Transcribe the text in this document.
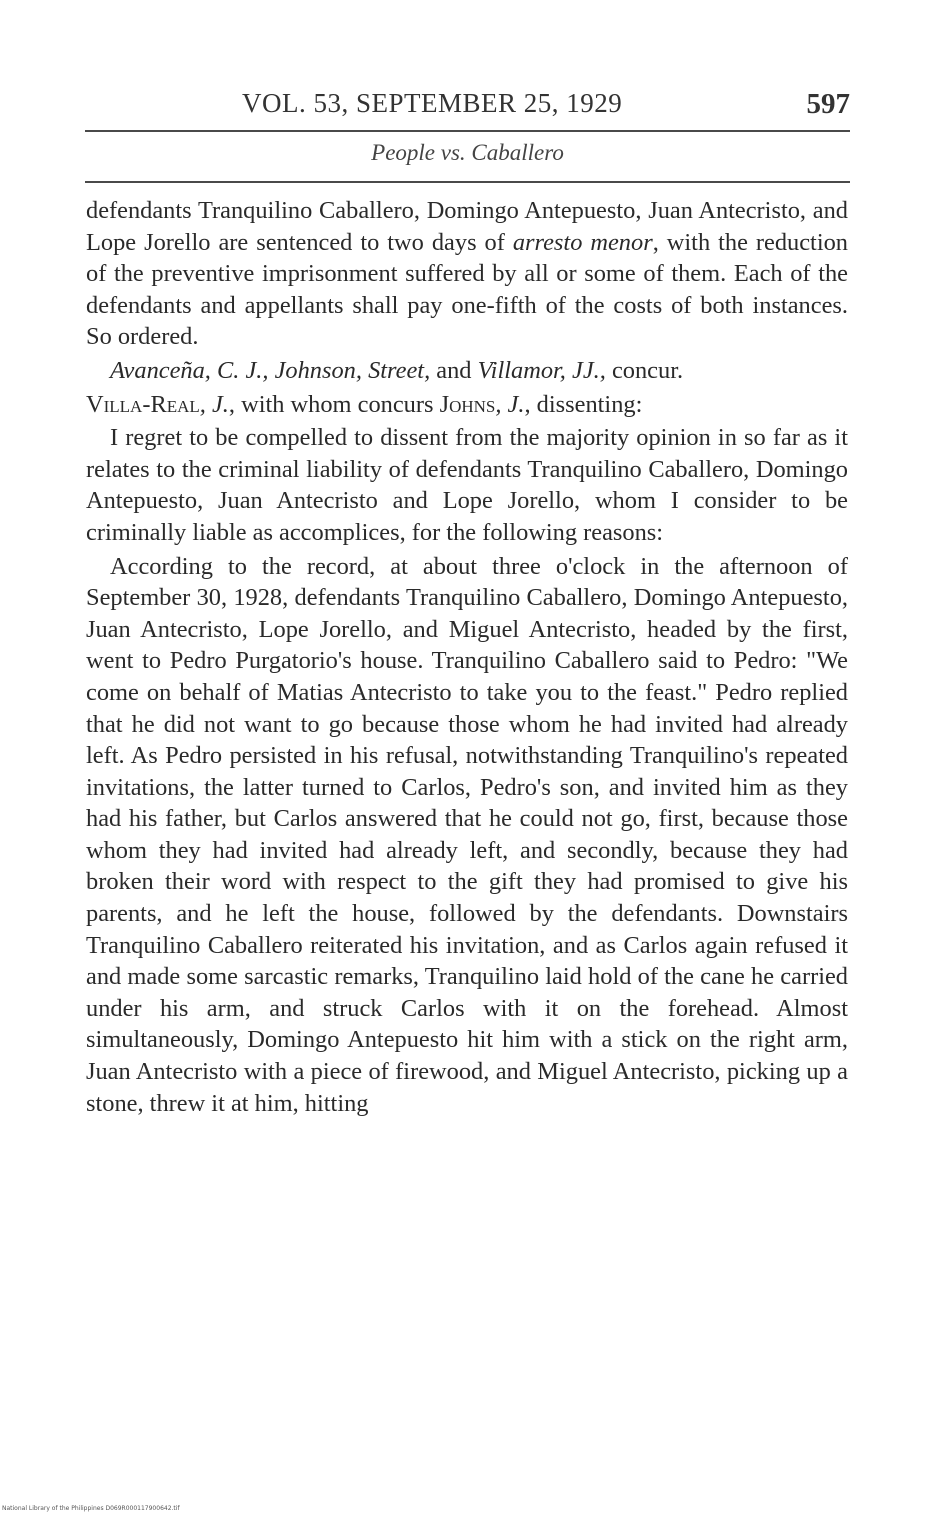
VOL. 53, SEPTEMBER 25, 1929	597
People vs. Caballero

defendants Tranquilino Caballero, Domingo Antepuesto, Juan Antecristo, and Lope Jorello are sentenced to two days of arresto menor, with the reduction of the preventive imprisonment suffered by all or some of them. Each of the defendants and appellants shall pay one-fifth of the costs of both instances. So ordered.

Avanceña, C. J., Johnson, Street, and Villamor, JJ., concur.

Villa-Real, J., with whom concurs Johns, J., dissenting:

I regret to be compelled to dissent from the majority opinion in so far as it relates to the criminal liability of defendants Tranquilino Caballero, Domingo Antepuesto, Juan Antecristo and Lope Jorello, whom I consider to be criminally liable as accomplices, for the following reasons:

According to the record, at about three o'clock in the afternoon of September 30, 1928, defendants Tranquilino Caballero, Domingo Antepuesto, Juan Antecristo, Lope Jorello, and Miguel Antecristo, headed by the first, went to Pedro Purgatorio's house. Tranquilino Caballero said to Pedro: "We come on behalf of Matias Antecristo to take you to the feast." Pedro replied that he did not want to go because those whom he had invited had already left. As Pedro persisted in his refusal, notwithstanding Tranquilino's repeated invitations, the latter turned to Carlos, Pedro's son, and invited him as they had his father, but Carlos answered that he could not go, first, because those whom they had invited had already left, and secondly, because they had broken their word with respect to the gift they had promised to give his parents, and he left the house, followed by the defendants. Downstairs Tranquilino Caballero reiterated his invitation, and as Carlos again refused it and made some sarcastic remarks, Tranquilino laid hold of the cane he carried under his arm, and struck Carlos with it on the forehead. Almost simultaneously, Domingo Antepuesto hit him with a stick on the right arm, Juan Antecristo with a piece of firewood, and Miguel Antecristo, picking up a stone, threw it at him, hitting

National Library of the Philippines D069R000117900642.tif
